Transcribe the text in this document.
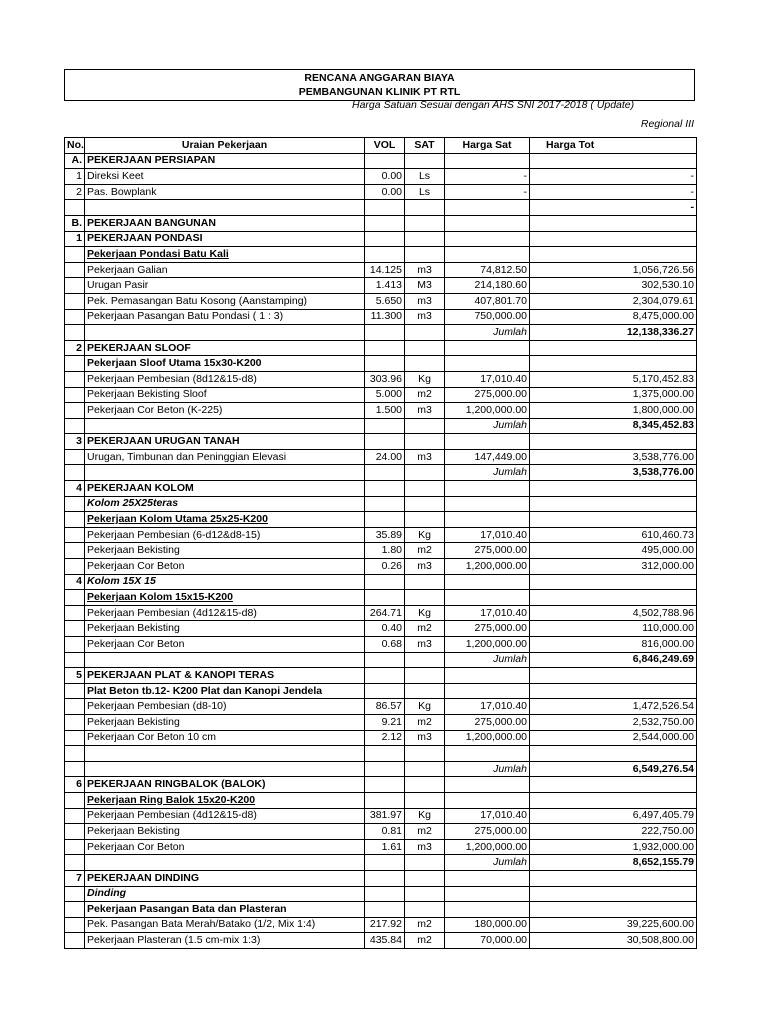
RENCANA ANGGARAN BIAYA
PEMBANGUNAN KLINIK PT RTL
Harga Satuan Sesuai dengan AHS SNI 2017-2018 ( Update)
Regional III
No.	Uraian Pekerjaan	VOL	SAT	Harga Sat	Harga Tot
A.	PEKERJAAN PERSIAPAN				
1	Direksi Keet	0.00	Ls	-	-
2	Pas. Bowplank	0.00	Ls	-	-
					-
B.	PEKERJAAN BANGUNAN				
1	PEKERJAAN PONDASI				
	Pekerjaan Pondasi Batu Kali				
	Pekerjaan Galian	14.125	m3	74,812.50	1,056,726.56
	Urugan Pasir	1.413	M3	214,180.60	302,530.10
	Pek. Pemasangan Batu Kosong (Aanstamping)	5.650	m3	407,801.70	2,304,079.61
	Pekerjaan Pasangan Batu Pondasi ( 1 : 3)	11.300	m3	750,000.00	8,475,000.00
				Jumlah	12,138,336.27
2	PEKERJAAN SLOOF				
	Pekerjaan Sloof Utama 15x30-K200				
	Pekerjaan Pembesian (8d12&15-d8)	303.96	Kg	17,010.40	5,170,452.83
	Pekerjaan Bekisting Sloof	5.000	m2	275,000.00	1,375,000.00
	Pekerjaan Cor Beton (K-225)	1.500	m3	1,200,000.00	1,800,000.00
				Jumlah	8,345,452.83
3	PEKERJAAN URUGAN TANAH				
	Urugan, Timbunan dan Peninggian Elevasi	24.00	m3	147,449.00	3,538,776.00
				Jumlah	3,538,776.00
4	PEKERJAAN KOLOM				
	Kolom 25X25teras				
	Pekerjaan Kolom Utama 25x25-K200				
	Pekerjaan Pembesian (6-d12&d8-15)	35.89	Kg	17,010.40	610,460.73
	Pekerjaan Bekisting	1.80	m2	275,000.00	495,000.00
	Pekerjaan Cor Beton	0.26	m3	1,200,000.00	312,000.00
4	Kolom 15X 15				
	Pekerjaan Kolom 15x15-K200				
	Pekerjaan Pembesian (4d12&15-d8)	264.71	Kg	17,010.40	4,502,788.96
	Pekerjaan Bekisting	0.40	m2	275,000.00	110,000.00
	Pekerjaan Cor Beton	0.68	m3	1,200,000.00	816,000.00
				Jumlah	6,846,249.69
5	PEKERJAAN PLAT & KANOPI TERAS				
	Plat Beton tb.12- K200 Plat dan Kanopi Jendela				
	Pekerjaan Pembesian (d8-10)	86.57	Kg	17,010.40	1,472,526.54
	Pekerjaan Bekisting	9.21	m2	275,000.00	2,532,750.00
	Pekerjaan Cor Beton 10 cm	2.12	m3	1,200,000.00	2,544,000.00

				Jumlah	6,549,276.54
6	PEKERJAAN RINGBALOK (BALOK)				
	Pekerjaan Ring Balok 15x20-K200				
	Pekerjaan Pembesian (4d12&15-d8)	381.97	Kg	17,010.40	6,497,405.79
	Pekerjaan Bekisting	0.81	m2	275,000.00	222,750.00
	Pekerjaan Cor Beton	1.61	m3	1,200,000.00	1,932,000.00
				Jumlah	8,652,155.79
7	PEKERJAAN DINDING				
	Dinding				
	Pekerjaan Pasangan Bata dan Plasteran				
	Pek. Pasangan Bata Merah/Batako (1/2, Mix 1:4)	217.92	m2	180,000.00	39,225,600.00
	Pekerjaan Plasteran (1.5 cm-mix 1:3)	435.84	m2	70,000.00	30,508,800.00
